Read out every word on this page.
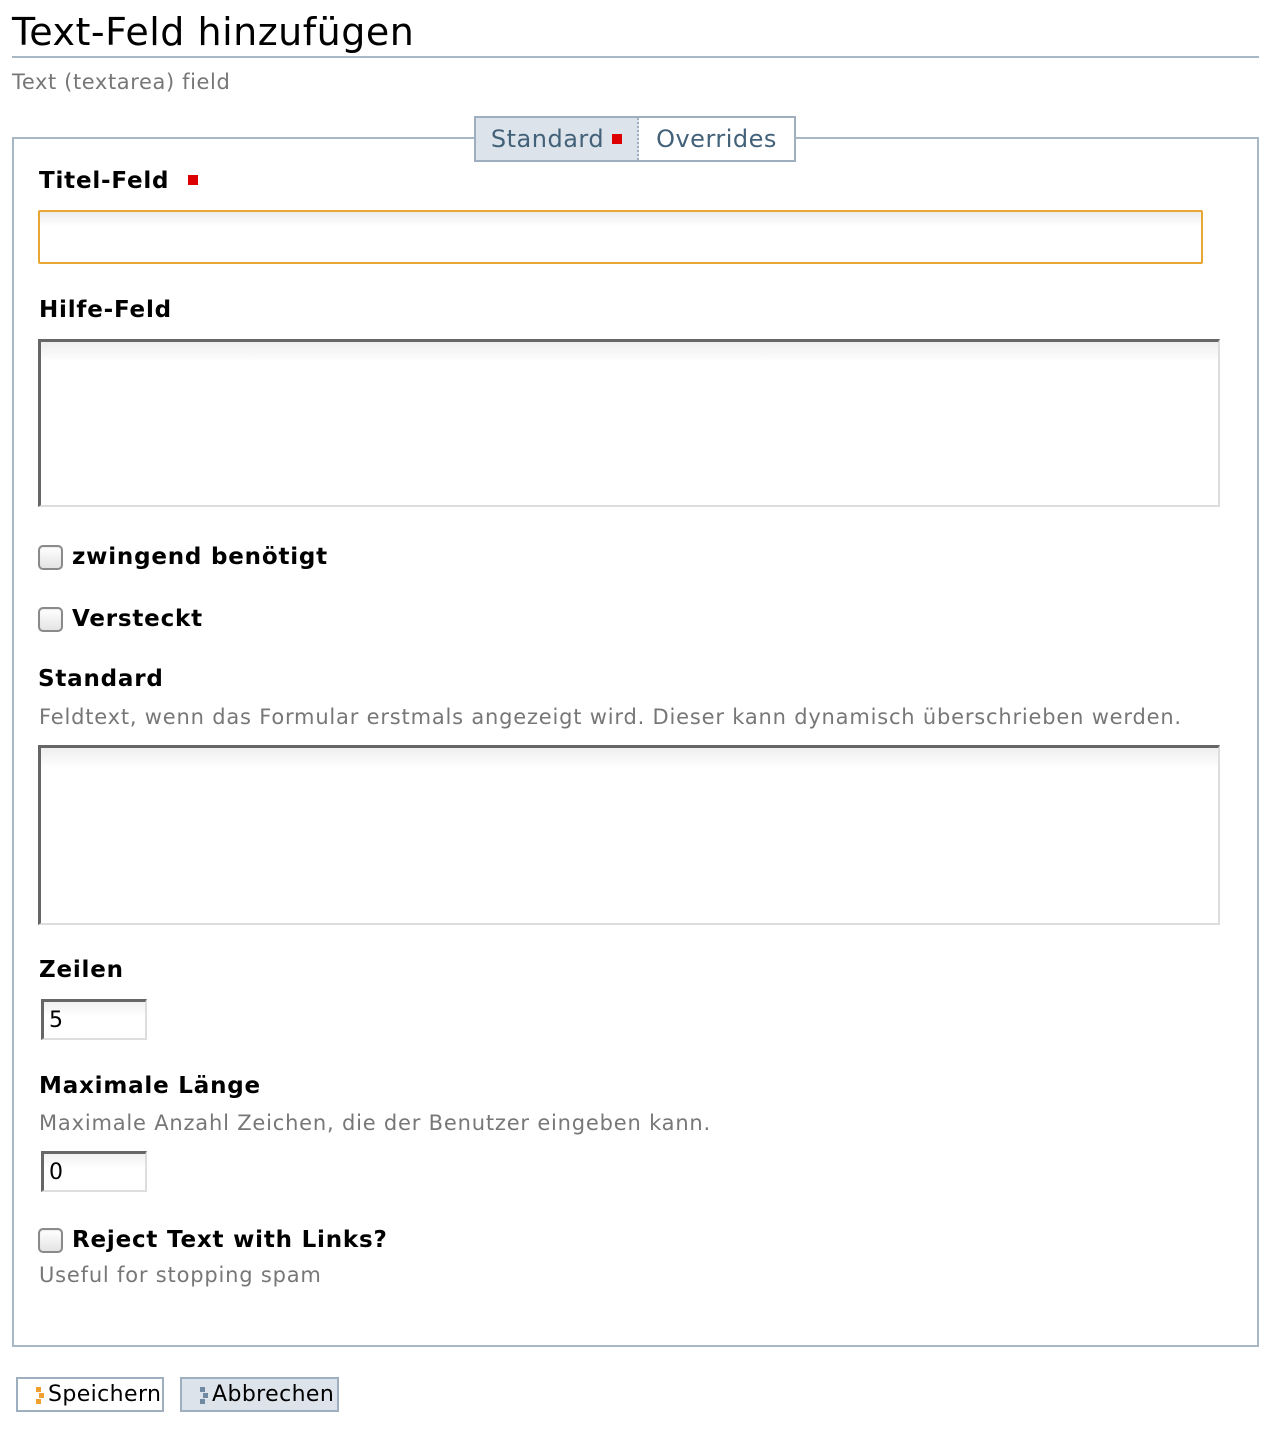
Text-Feld hinzufügen
Text (textarea) field
Standard Overrides
Titel-Feld
Hilfe-Feld
zwingend benötigt
Versteckt
Standard
Feldtext, wenn das Formular erstmals angezeigt wird. Dieser kann dynamisch überschrieben werden.
Zeilen
5
Maximale Länge
Maximale Anzahl Zeichen, die der Benutzer eingeben kann.
0
Reject Text with Links?
Useful for stopping spam
Speichern Abbrechen
